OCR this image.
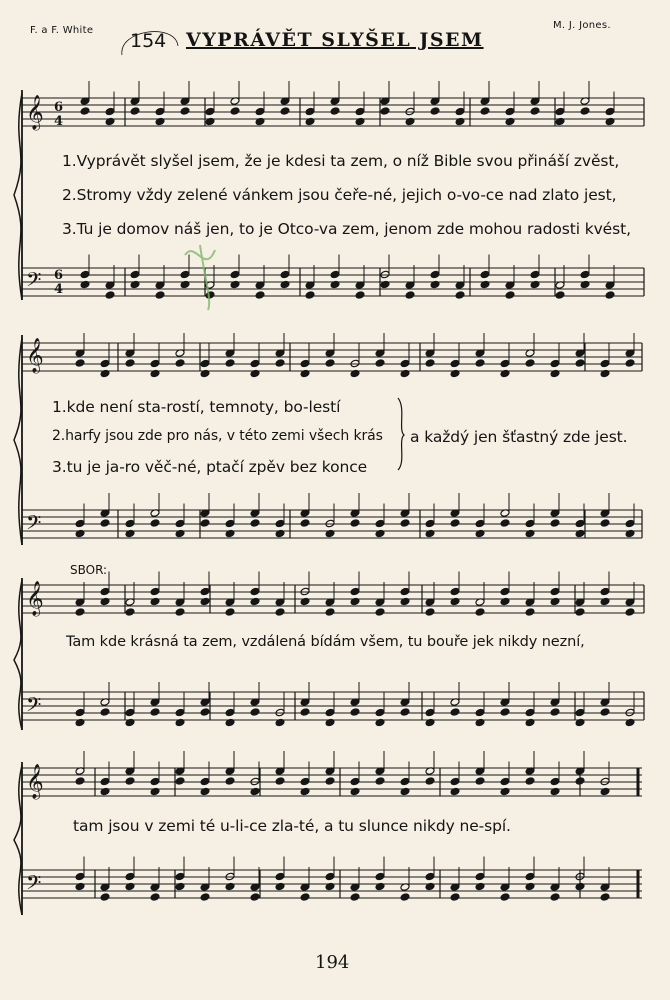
F. a F. White	M. J. Jones.
154 VYPRÁVĚT SLYŠEL JSEM
𝄞
𝄢
𝄞
𝄢
𝄞
𝄢
𝄞
𝄢
6
4
6
4
1.Vyprávět slyšel jsem, že je kdesi ta zem, o níž Bible svou přináší zvěst,
2.Stromy vždy zelené vánkem jsou čeře-né, jejich o-vo-ce nad zlato jest,
3.Tu je domov náš jen, to je Otco-va zem, jenom zde mohou radosti kvést,
1.kde není sta-rostí, temnoty, bo-lestí
2.harfy jsou zde pro nás, v této zemi všech krás
3.tu je ja-ro věč-né, ptačí zpěv bez konce
a každý jen šťastný zde jest.
SBOR:
Tam kde krásná ta zem, vzdálená bídám všem, tu bouře jek nikdy nezní,
tam jsou v zemi té u-li-ce zla-té, a tu slunce nikdy ne-spí.
194
